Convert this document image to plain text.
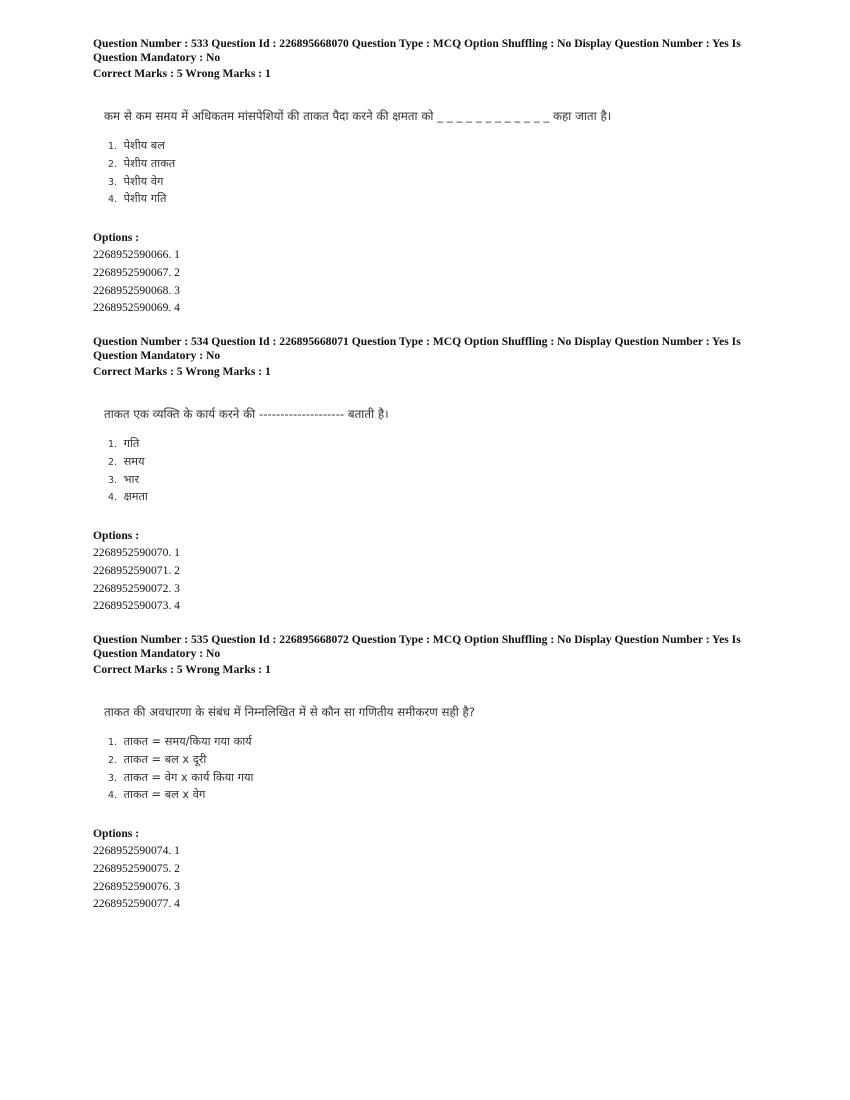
Question Number : 533 Question Id : 226895668070 Question Type : MCQ Option Shuffling : No Display Question Number : Yes Is
Question Mandatory : No
Correct Marks : 5 Wrong Marks : 1
कम से कम समय में अधिकतम मांसपेशियों की ताकत पैदा करने की क्षमता को _ _ _ _ _ _ _ _ _ _ _ _ कहा जाता है।
1. पेशीय बल
2. पेशीय ताकत
3. पेशीय वेग
4. पेशीय गति
Options :
2268952590066. 1
2268952590067. 2
2268952590068. 3
2268952590069. 4
Question Number : 534 Question Id : 226895668071 Question Type : MCQ Option Shuffling : No Display Question Number : Yes Is
Question Mandatory : No
Correct Marks : 5 Wrong Marks : 1
ताकत एक व्यक्ति के कार्य करने की -------------------- बताती है।
1. गति
2. समय
3. भार
4. क्षमता
Options :
2268952590070. 1
2268952590071. 2
2268952590072. 3
2268952590073. 4
Question Number : 535 Question Id : 226895668072 Question Type : MCQ Option Shuffling : No Display Question Number : Yes Is
Question Mandatory : No
Correct Marks : 5 Wrong Marks : 1
ताकत की अवधारणा के संबंध में निम्नलिखित में से कौन सा गणितीय समीकरण सही है?
1. ताकत = समय/किया गया कार्य
2. ताकत = बल x दूरी
3. ताकत = वेग x कार्य किया गया
4. ताकत = बल x वेग
Options :
2268952590074. 1
2268952590075. 2
2268952590076. 3
2268952590077. 4
